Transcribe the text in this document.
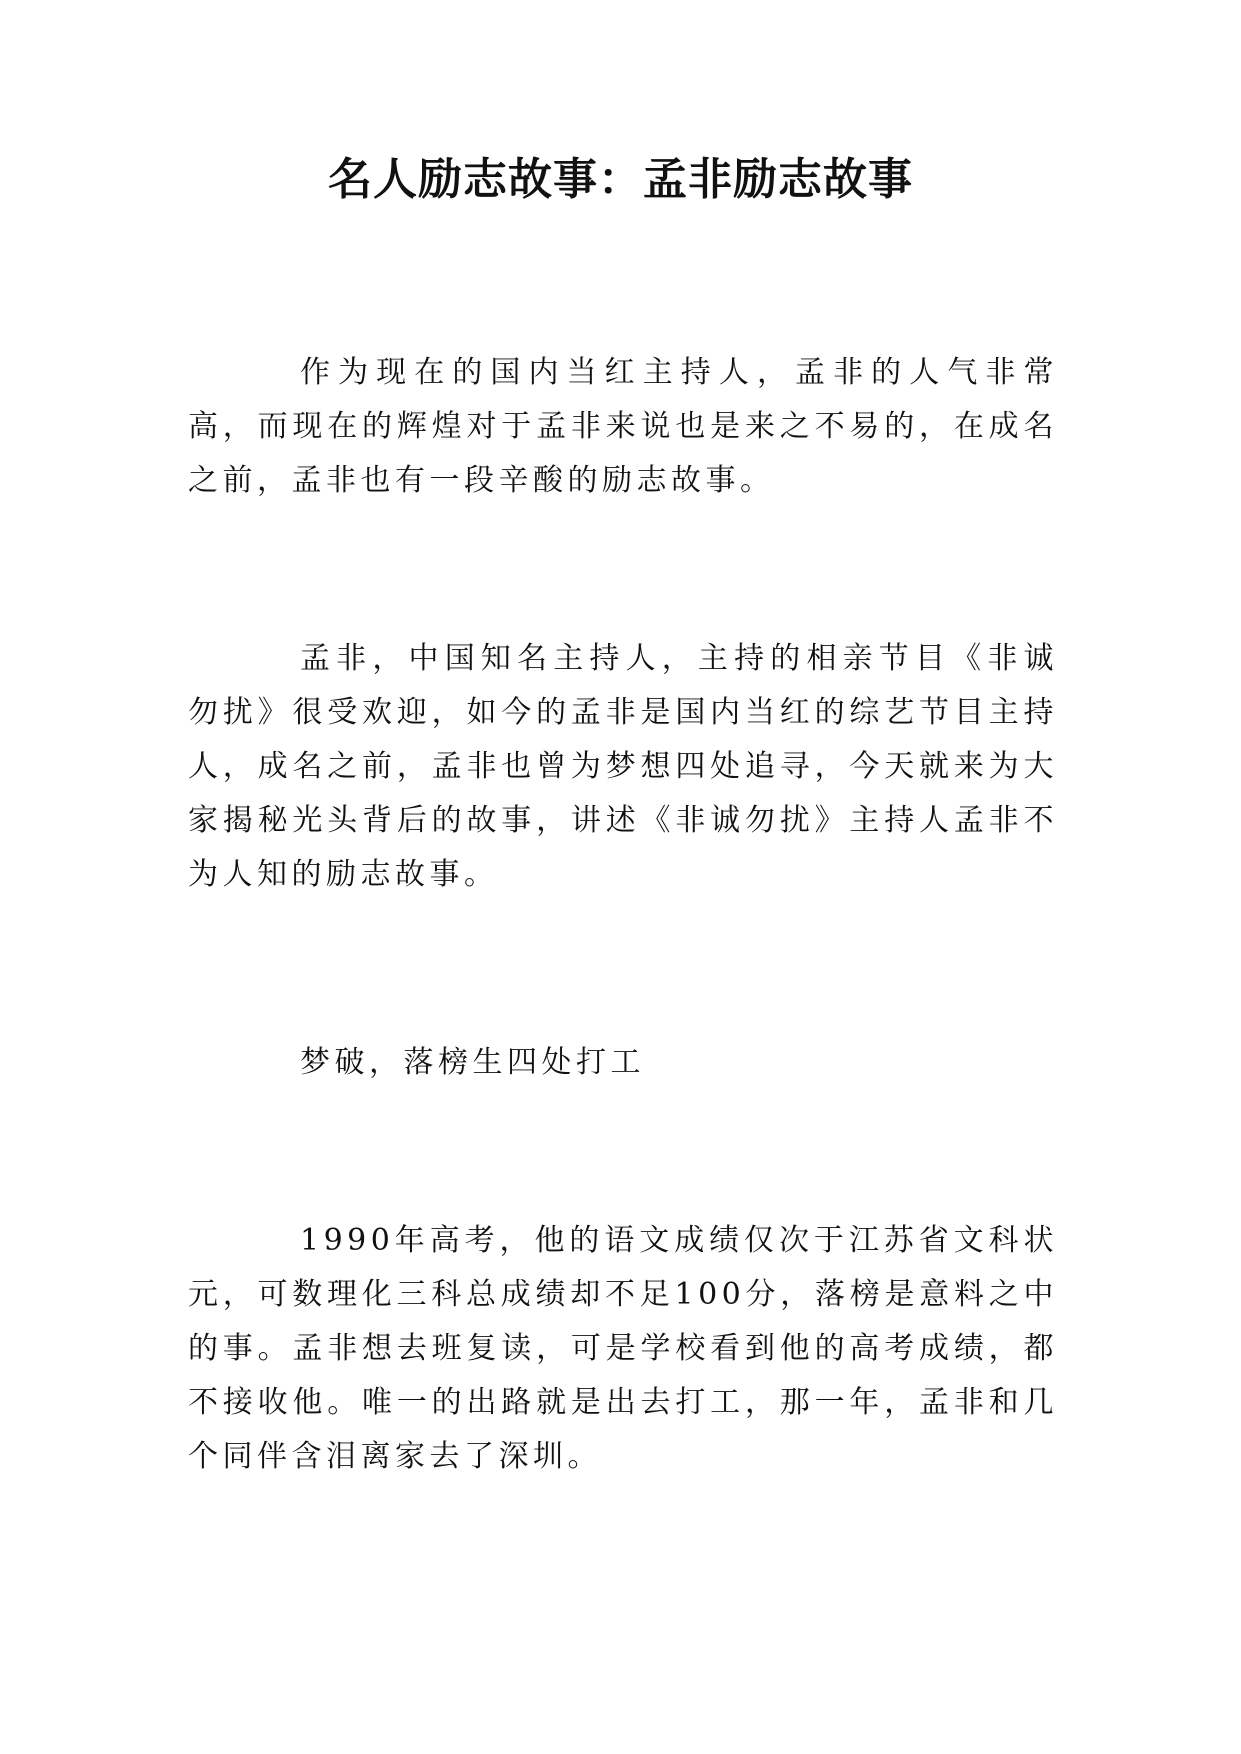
名人励志故事：孟非励志故事

作为现在的国内当红主持人，孟非的人气非常高，而现在的辉煌对于孟非来说也是来之不易的，在成名之前，孟非也有一段辛酸的励志故事。

孟非，中国知名主持人，主持的相亲节目《非诚勿扰》很受欢迎，如今的孟非是国内当红的综艺节目主持人，成名之前，孟非也曾为梦想四处追寻，今天就来为大家揭秘光头背后的故事，讲述《非诚勿扰》主持人孟非不为人知的励志故事。

梦破，落榜生四处打工

1990年高考，他的语文成绩仅次于江苏省文科状元，可数理化三科总成绩却不足100分，落榜是意料之中的事。孟非想去班复读，可是学校看到他的高考成绩，都不接收他。唯一的出路就是出去打工，那一年，孟非和几个同伴含泪离家去了深圳。
